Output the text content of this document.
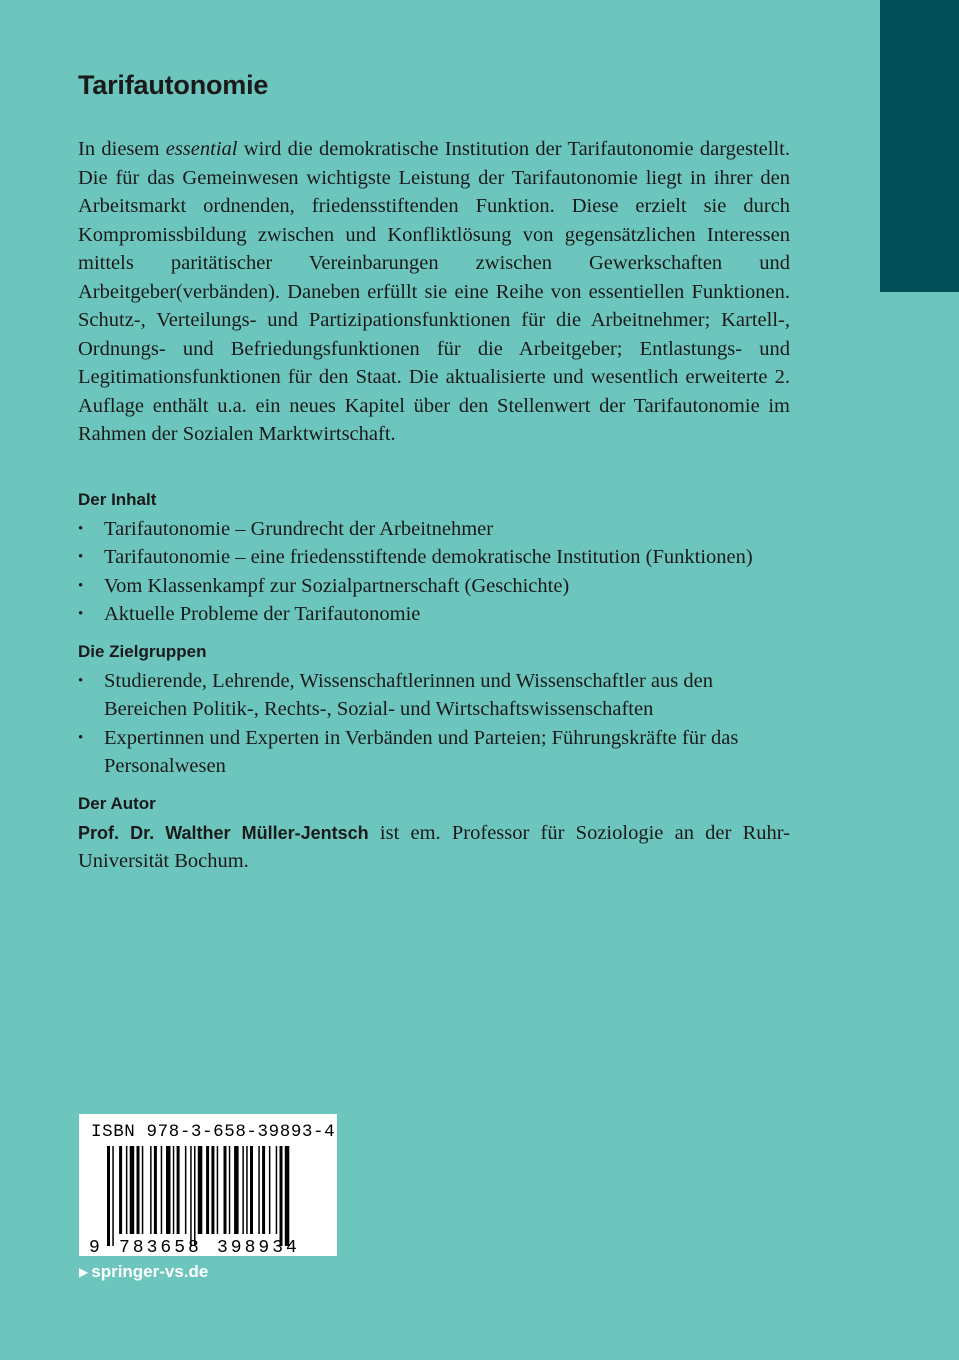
Tarifautonomie

In diesem essential wird die demokratische Institution der Tarifautonomie dargestellt. Die für das Gemeinwesen wichtigste Leistung der Tarifautonomie liegt in ihrer den Arbeitsmarkt ordnenden, friedensstiftenden Funktion. Diese erzielt sie durch Kompromissbildung zwischen und Konfliktlösung von gegensätzlichen Interessen mittels paritätischer Vereinbarungen zwischen Gewerkschaften und Arbeitgeber(verbänden). Daneben erfüllt sie eine Reihe von essentiellen Funktionen. Schutz-, Verteilungs- und Partizipationsfunktionen für die Arbeitnehmer; Kartell-, Ordnungs- und Befriedungsfunktionen für die Arbeitgeber; Entlastungs- und Legitimationsfunktionen für den Staat. Die aktualisierte und wesentlich erweiterte 2. Auflage enthält u.a. ein neues Kapitel über den Stellenwert der Tarifautonomie im Rahmen der Sozialen Marktwirtschaft.

Der Inhalt
• Tarifautonomie – Grundrecht der Arbeitnehmer
• Tarifautonomie – eine friedensstiftende demokratische Institution (Funktionen)
• Vom Klassenkampf zur Sozialpartnerschaft (Geschichte)
• Aktuelle Probleme der Tarifautonomie
Die Zielgruppen
• Studierende, Lehrende, Wissenschaftlerinnen und Wissenschaftler aus den Bereichen Politik-, Rechts-, Sozial- und Wirtschaftswissenschaften
• Expertinnen und Experten in Verbänden und Parteien; Führungskräfte für das Personalwesen
Der Autor

Prof. Dr. Walther Müller-Jentsch ist em. Professor für Soziologie an der Ruhr-Universität Bochum.

ISBN 978-3-658-39893-4
9 783658 398934
▶ springer-vs.de
